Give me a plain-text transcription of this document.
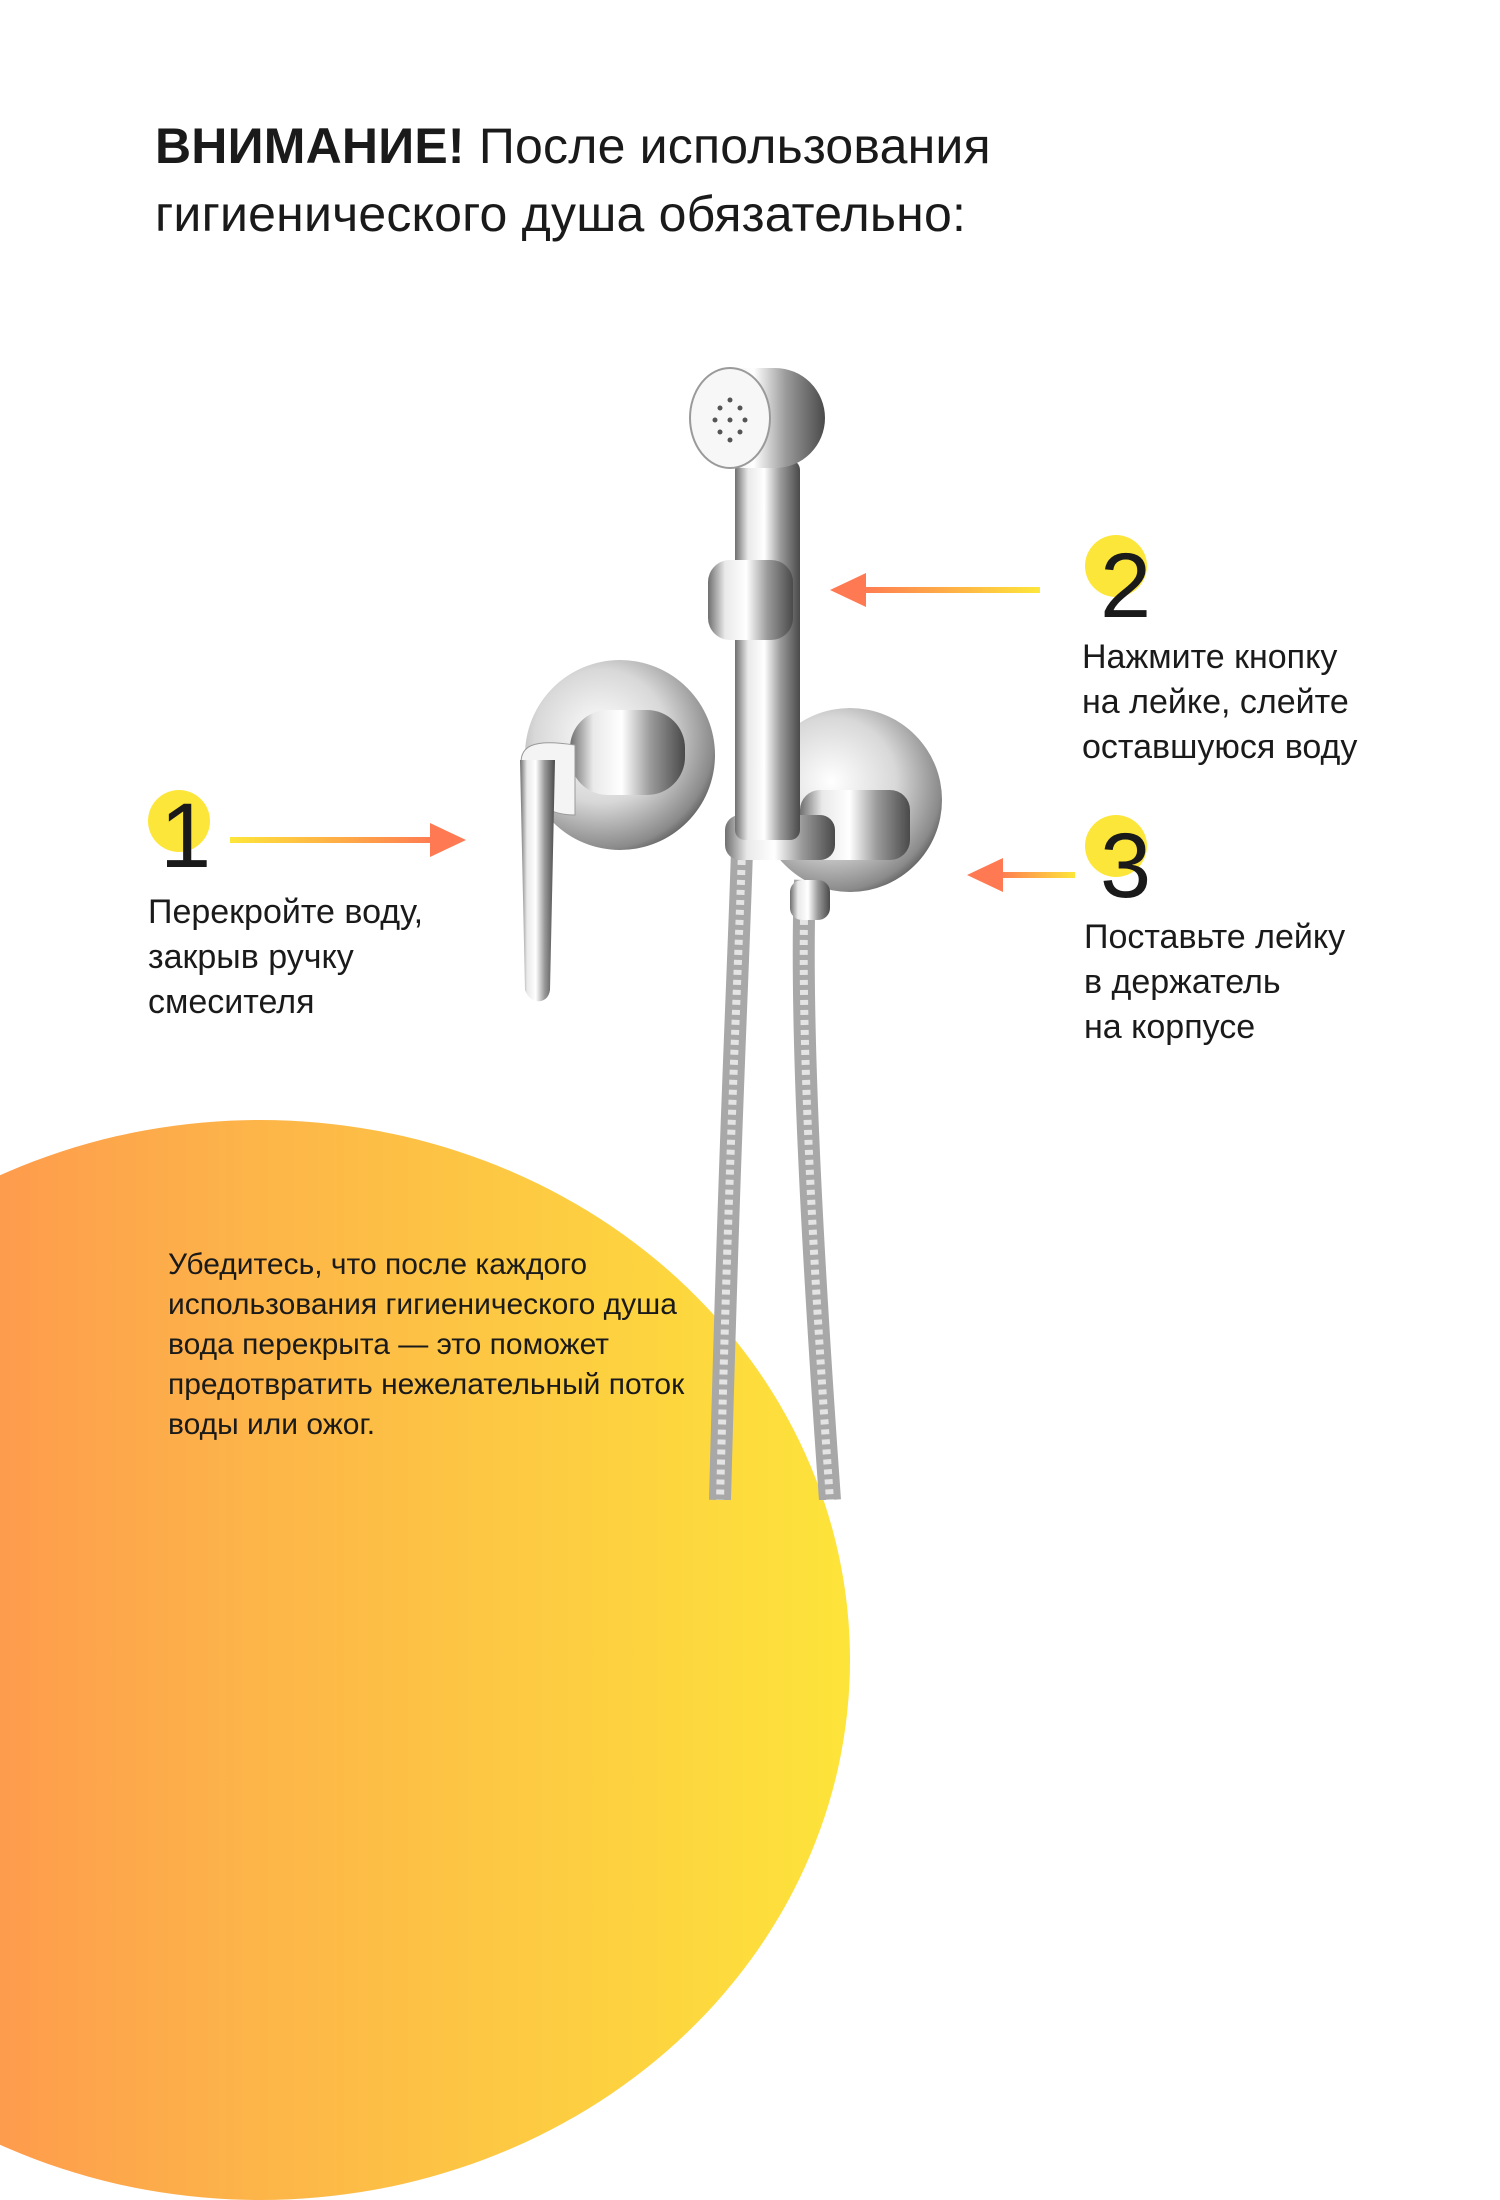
ВНИМАНИЕ! После использования
гигиенического душа обязательно:
1
Перекройте воду,
закрыв ручку
смесителя
2
Нажмите кнопку
на лейке, слейте
оставшуюся воду
3
Поставьте лейку
в держатель
на корпусе
Убедитесь, что после каждого
использования гигиенического душа
вода перекрыта — это поможет
предотвратить нежелательный поток
воды или ожог.
